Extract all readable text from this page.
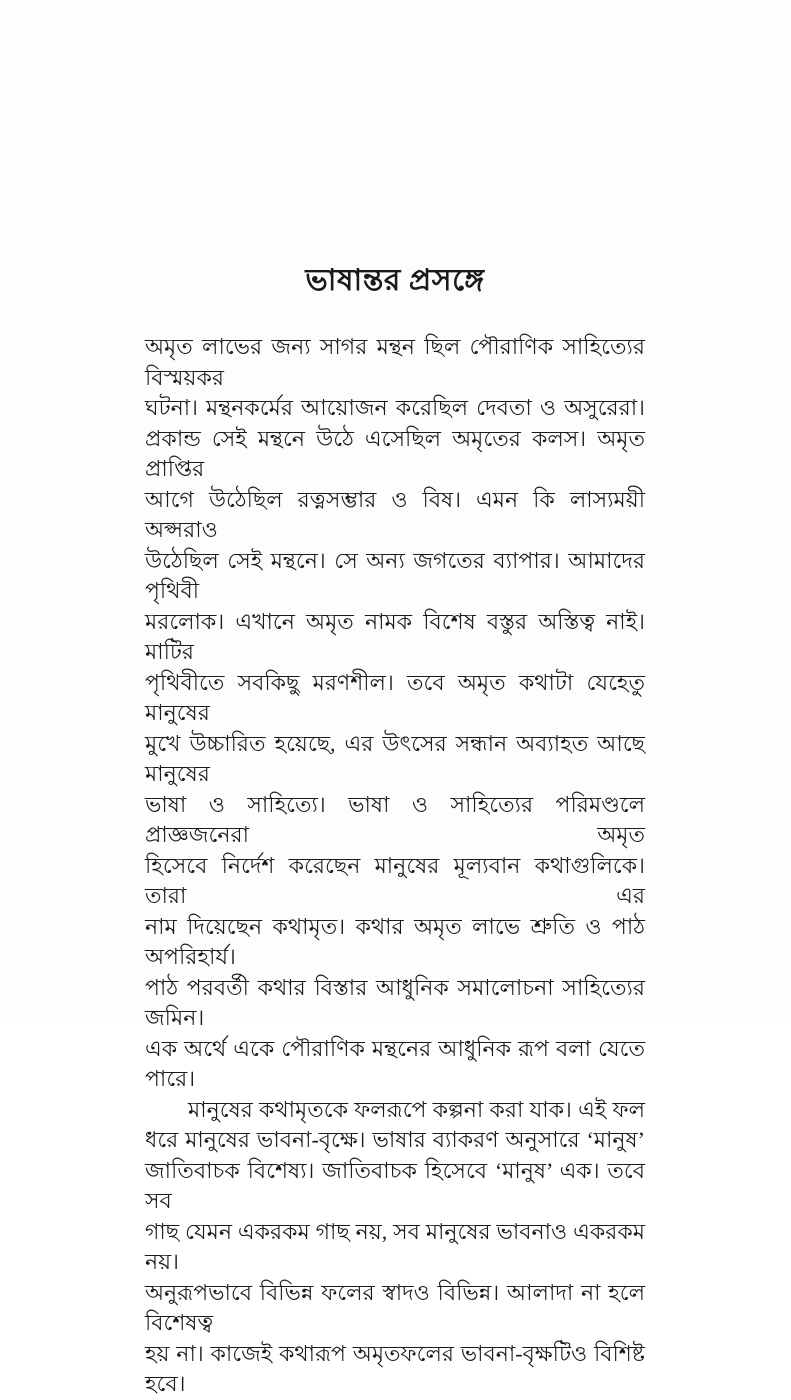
ভাষান্তর প্রসঙ্গে
অমৃত লাভের জন্য সাগর মন্থন ছিল পৌরাণিক সাহিত্যের বিস্ময়কর
ঘটনা। মন্থনকর্মের আয়োজন করেছিল দেবতা ও অসুরেরা।
প্রকান্ড সেই মন্থনে উঠে এসেছিল অমৃতের কলস। অমৃত প্রাপ্তির
আগে উঠেছিল রত্নসম্ভার ও বিষ। এমন কি লাস্যময়ী অপ্সরাও
উঠেছিল সেই মন্থনে। সে অন্য জগতের ব্যাপার। আমাদের পৃথিবী
মরলোক। এখানে অমৃত নামক বিশেষ বস্তুর অস্তিত্ব নাই। মাটির
পৃথিবীতে সবকিছু মরণশীল। তবে অমৃত কথাটা যেহেতু মানুষের
মুখে উচ্চারিত হয়েছে, এর উৎসের সন্ধান অব্যাহত আছে মানুষের
ভাষা ও সাহিত্যে। ভাষা ও সাহিত্যের পরিমণ্ডলে প্রাজ্ঞজনেরা অমৃত
হিসেবে নির্দেশ করেছেন মানুষের মূল্যবান কথাগুলিকে। তারা এর
নাম দিয়েছেন কথামৃত। কথার অমৃত লাভে শ্রুতি ও পাঠ অপরিহার্য।
পাঠ পরবর্তী কথার বিস্তার আধুনিক সমালোচনা সাহিত্যের জমিন।
এক অর্থে একে পৌরাণিক মন্থনের আধুনিক রূপ বলা যেতে পারে।
মানুষের কথামৃতকে ফলরূপে কল্পনা করা যাক। এই ফল
ধরে মানুষের ভাবনা-বৃক্ষে। ভাষার ব্যাকরণ অনুসারে ‘মানুষ’
জাতিবাচক বিশেষ্য। জাতিবাচক হিসেবে ‘মানুষ’ এক। তবে সব
গাছ যেমন একরকম গাছ নয়, সব মানুষের ভাবনাও একরকম নয়।
অনুরূপভাবে বিভিন্ন ফলের স্বাদও বিভিন্ন। আলাদা না হলে বিশেষত্ব
হয় না। কাজেই কথারূপ অমৃতফলের ভাবনা-বৃক্ষটিও বিশিষ্ট হবে।
